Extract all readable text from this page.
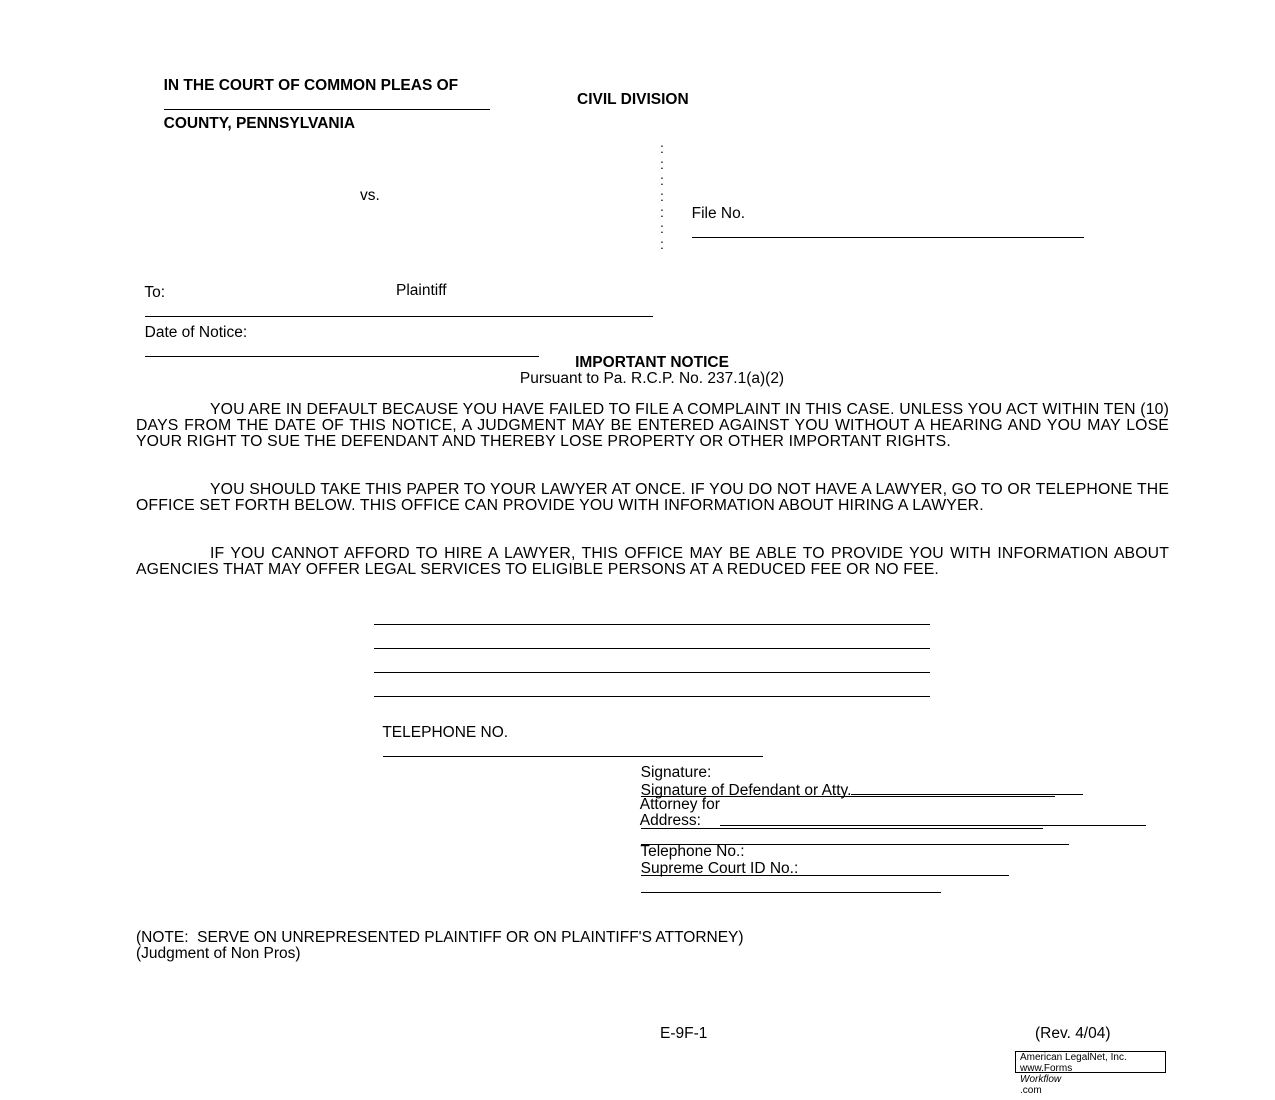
IN THE COURT OF COMMON PLEAS OF

COUNTY, PENNSYLVANIA

CIVIL DIVISION
vs.
:
:
:
:
:
:
:

File No.

To:
	Plaintiff

Date of Notice:

IMPORTANT NOTICE
Pursuant to Pa. R.C.P. No. 237.1(a)(2)
YOU ARE IN DEFAULT BECAUSE YOU HAVE FAILED TO FILE A COMPLAINT IN THIS CASE. UNLESS YOU ACT WITHIN TEN (10) DAYS FROM THE DATE OF THIS NOTICE, A JUDGMENT MAY BE ENTERED AGAINST YOU WITHOUT A HEARING AND YOU MAY LOSE YOUR RIGHT TO SUE THE DEFENDANT AND THEREBY LOSE PROPERTY OR OTHER IMPORTANT RIGHTS.
YOU SHOULD TAKE THIS PAPER TO YOUR LAWYER AT ONCE. IF YOU DO NOT HAVE A LAWYER, GO TO OR TELEPHONE THE OFFICE SET FORTH BELOW. THIS OFFICE CAN PROVIDE YOU WITH INFORMATION ABOUT HIRING A LAWYER.
IF YOU CANNOT AFFORD TO HIRE A LAWYER, THIS OFFICE MAY BE ABLE TO PROVIDE YOU WITH INFORMATION ABOUT AGENCIES THAT MAY OFFER LEGAL SERVICES TO ELIGIBLE PERSONS AT A REDUCED FEE OR NO FEE.

TELEPHONE NO.

Signature:

Signature of Defendant or Atty.

Attorney for

Address:

Telephone No.:

Supreme Court ID No.:

(NOTE:  SERVE ON UNREPRESENTED PLAINTIFF OR ON PLAINTIFF'S ATTORNEY)
(Judgment of Non Pros)
E-9F-1	(Rev. 4/04)
American LegalNet, Inc.
www.Forms
Workflow
.com
